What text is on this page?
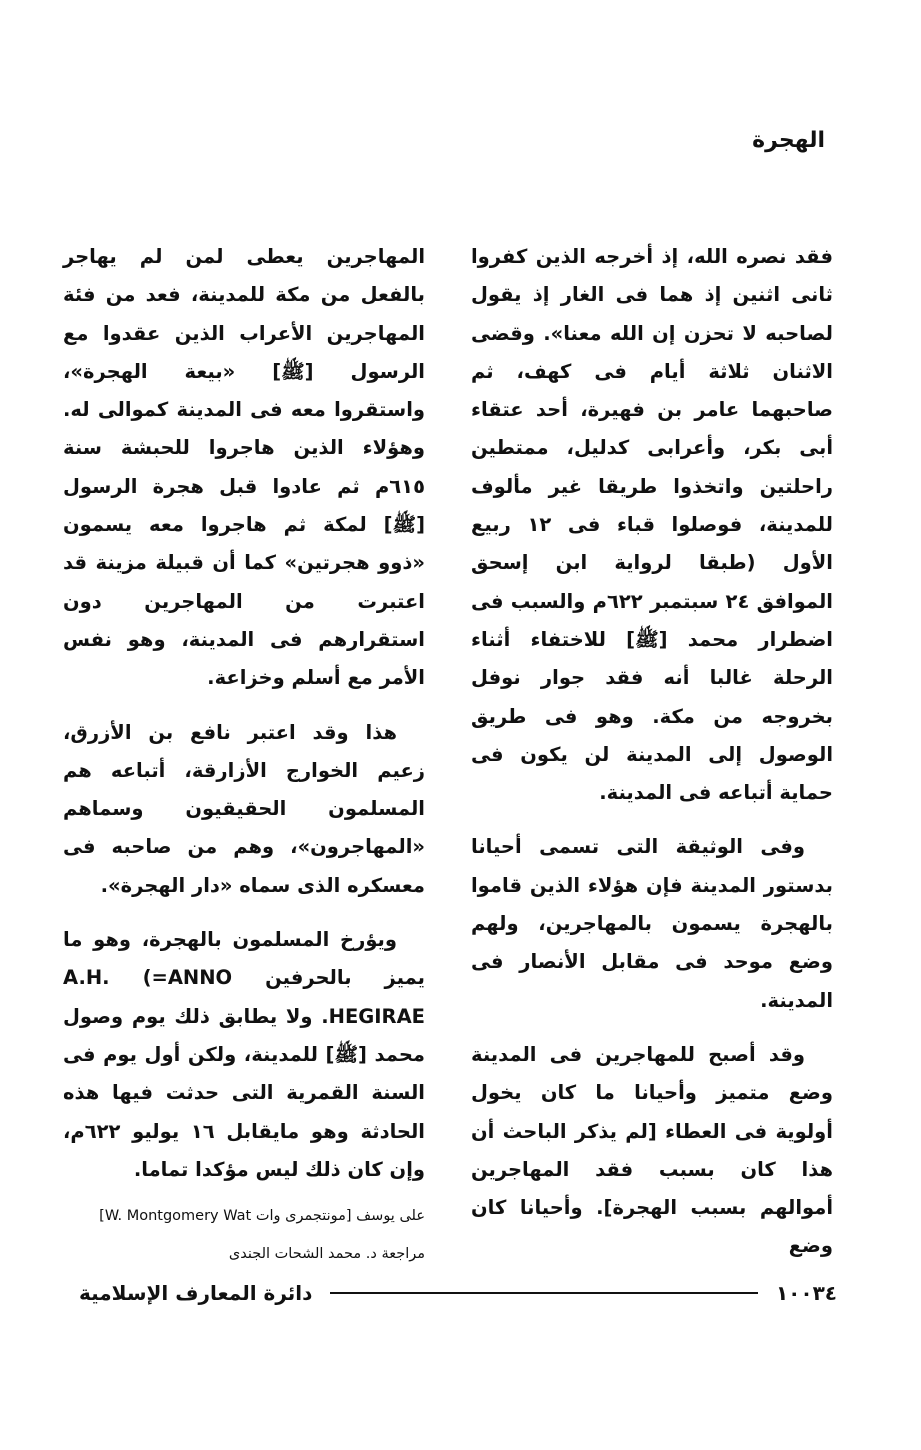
الهجرة

فقد نصره الله، إذ أخرجه الذين كفروا ثانى اثنين إذ هما فى الغار إذ يقول لصاحبه لا تحزن إن الله معنا». وقضى الاثنان ثلاثة أيام فى كهف، ثم صاحبهما عامر بن فهيرة، أحد عتقاء أبى بكر، وأعرابى كدليل، ممتطين راحلتين واتخذوا طريقا غير مألوف للمدينة، فوصلوا قباء فى ١٢ ربيع الأول (طبقا لرواية ابن إسحق الموافق ٢٤ سبتمبر ٦٢٢م والسبب فى اضطرار محمد [ﷺ] للاختفاء أثناء الرحلة غالبا أنه فقد جوار نوفل بخروجه من مكة. وهو فى طريق الوصول إلى المدينة لن يكون فى حماية أتباعه فى المدينة.

وفى الوثيقة التى تسمى أحيانا بدستور المدينة فإن هؤلاء الذين قاموا بالهجرة يسمون بالمهاجرين، ولهم وضع موحد فى مقابل الأنصار فى المدينة.

وقد أصبح للمهاجرين فى المدينة وضع متميز وأحيانا ما كان يخول أولوية فى العطاء [لم يذكر الباحث أن هذا كان بسبب فقد المهاجرين أموالهم بسبب الهجرة]. وأحيانا كان وضع

المهاجرين يعطى لمن لم يهاجر بالفعل من مكة للمدينة، فعد من فئة المهاجرين الأعراب الذين عقدوا مع الرسول [ﷺ] «بيعة الهجرة»، واستقروا معه فى المدينة كموالى له. وهؤلاء الذين هاجروا للحبشة سنة ٦١٥م ثم عادوا قبل هجرة الرسول [ﷺ] لمكة ثم هاجروا معه يسمون «ذوو هجرتين» كما أن قبيلة مزينة قد اعتبرت من المهاجرين دون استقرارهم فى المدينة، وهو نفس الأمر مع أسلم وخزاعة.

هذا وقد اعتبر نافع بن الأزرق، زعيم الخوارج الأزارقة، أتباعه هم المسلمون الحقيقيون وسماهم «المهاجرون»، وهم من صاحبه فى معسكره الذى سماه «دار الهجرة».

ويؤرخ المسلمون بالهجرة، وهو ما يميز بالحرفين A.H. (=ANNO HEGIRAE. ولا يطابق ذلك يوم وصول محمد [ﷺ] للمدينة، ولكن أول يوم فى السنة القمرية التى حدثت فيها هذه الحادثة وهو مايقابل ١٦ يوليو ٦٢٢م، وإن كان ذلك ليس مؤكدا تماما.

على يوسف [مونتجمرى وات W. Montgomery Wat]

مراجعة د. محمد الشحات الجندى

١٠٠٣٤
دائرة المعارف الإسلامية
